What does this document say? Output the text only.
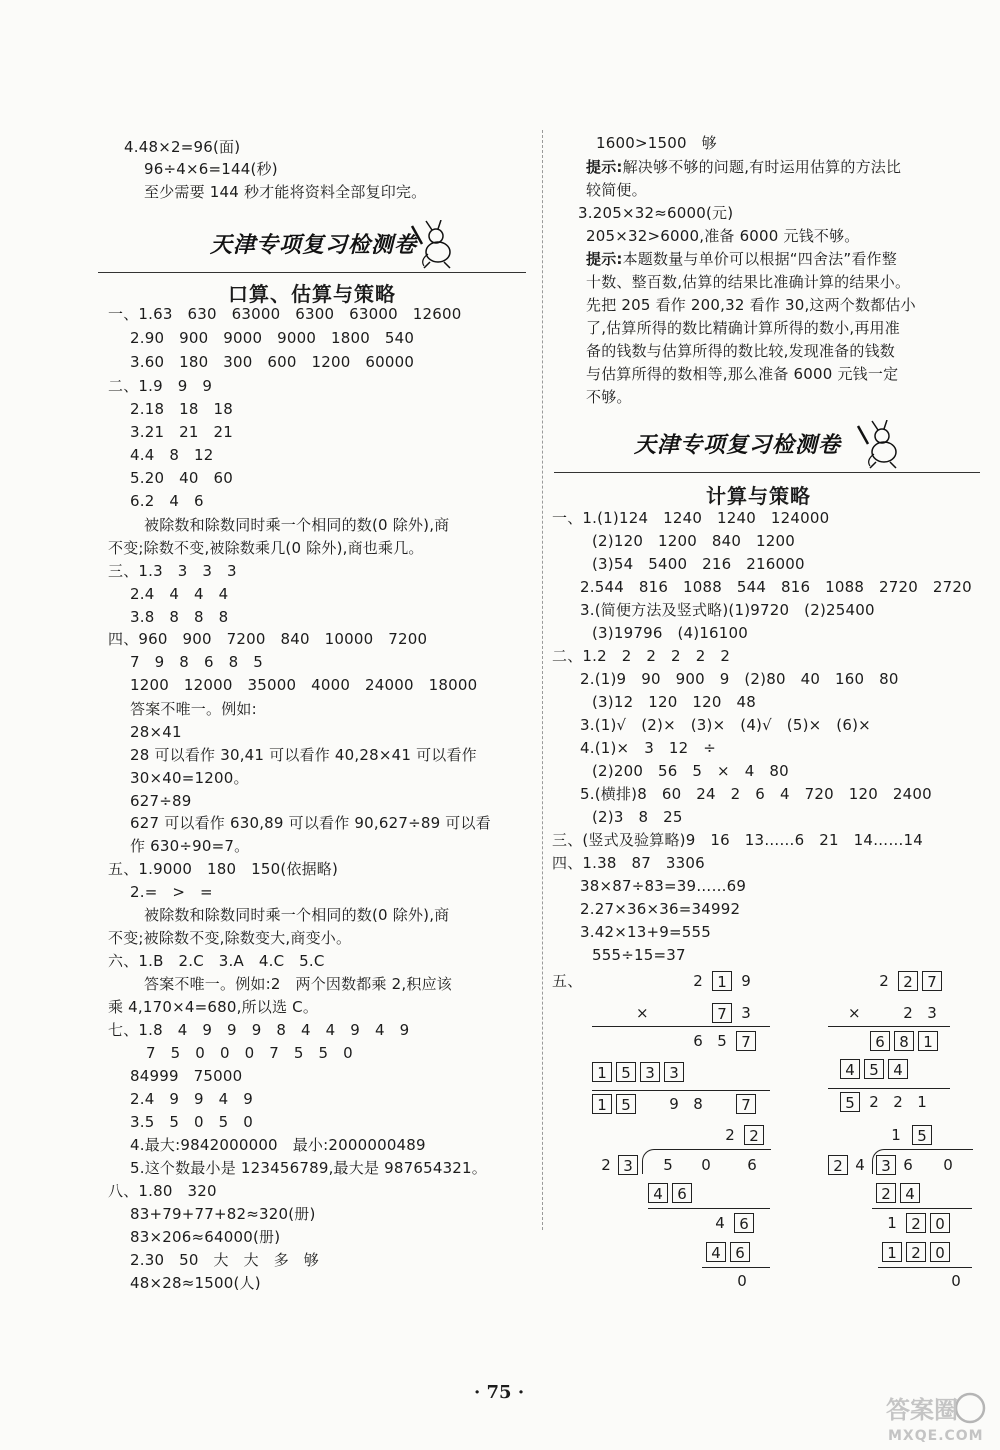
4.48×2=96(面)
96÷4×6=144(秒)
至少需要 144 秒才能将资料全部复印完。
天津专项复习检测卷
口算、估算与策略
一、1.63   630   63000   6300   63000   12600
2.90   900   9000   9000   1800   540
3.60   180   300   600   1200   60000
二、1.9   9   9
2.18   18   18
3.21   21   21
4.4   8   12
5.20   40   60
6.2   4   6
被除数和除数同时乘一个相同的数(0 除外),商
不变;除数不变,被除数乘几(0 除外),商也乘几。
三、1.3   3   3   3
2.4   4   4   4
3.8   8   8   8
四、960   900   7200   840   10000   7200
7   9   8   6   8   5
1200   12000   35000   4000   24000   18000
答案不唯一。例如:
28×41
28 可以看作 30,41 可以看作 40,28×41 可以看作
30×40=1200。
627÷89
627 可以看作 630,89 可以看作 90,627÷89 可以看
作 630÷90=7。
五、1.9000   180   150(依据略)
2.=   >   =
被除数和除数同时乘一个相同的数(0 除外),商
不变;被除数不变,除数变大,商变小。
六、1.B   2.C   3.A   4.C   5.C
答案不唯一。例如:2   两个因数都乘 2,积应该
乘 4,170×4=680,所以选 C。
七、1.8   4   9   9   9   8   4   4   9   4   9
7   5   0   0   0   7   5   5   0
84999   75000
2.4   9   9   4   9
3.5   5   0   5   0
4.最大:9842000000   最小:2000000489
5.这个数最小是 123456789,最大是 987654321。
八、1.80   320
83+79+77+82≈320(册)
83×206≈64000(册)
2.30   50   大   大   多   够
48×28≈1500(人)
1600>1500   够
提示:解决够不够的问题,有时运用估算的方法比
较简便。
3.205×32≈6000(元)
205×32>6000,准备 6000 元钱不够。
提示:本题数量与单价可以根据“四舍法”看作整
十数、整百数,估算的结果比准确计算的结果小。
先把 205 看作 200,32 看作 30,这两个数都估小
了,估算所得的数比精确计算所得的数小,再用准
备的钱数与估算所得的数比较,发现准备的钱数
与估算所得的数相等,那么准备 6000 元钱一定
不够。
天津专项复习检测卷
计算与策略
一、1.(1)124   1240   1240   124000
(2)120   1200   840   1200
(3)54   5400   216   216000
2.544   816   1088   544   816   1088   2720   2720
3.(简便方法及竖式略)(1)9720   (2)25400
(3)19796   (4)16100
二、1.2   2   2   2   2   2
2.(1)9   90   900   9   (2)80   40   160   80
(3)12   120   120   48
3.(1)√   (2)×   (3)×   (4)√   (5)×   (6)×
4.(1)×   3   12   ÷
(2)200   56   5   ×   4   80
5.(横排)8   60   24   2   6   4   720   120   2400
(2)3   8   25
三、(竖式及验算略)9   16   13……6   21   14……14
四、1.38   87   3306
38×87÷83=39……69
2.27×36×36=34992
3.42×13+9=555
555÷15=37
五、	2 1 9
×	7 3
6 5 7
1 5 3 3
1 5	9 8	7
2 2 7
×	2 3
6 8 1
4 5 4
5 2 2 1
2 2
2 3	5	0	6
4 6
4 6
4 6
0
1	5
2 4	3 6	0
2 4
1 2 0
1 2 0
0
· 75 ·
答案圈
MXQE.COM
